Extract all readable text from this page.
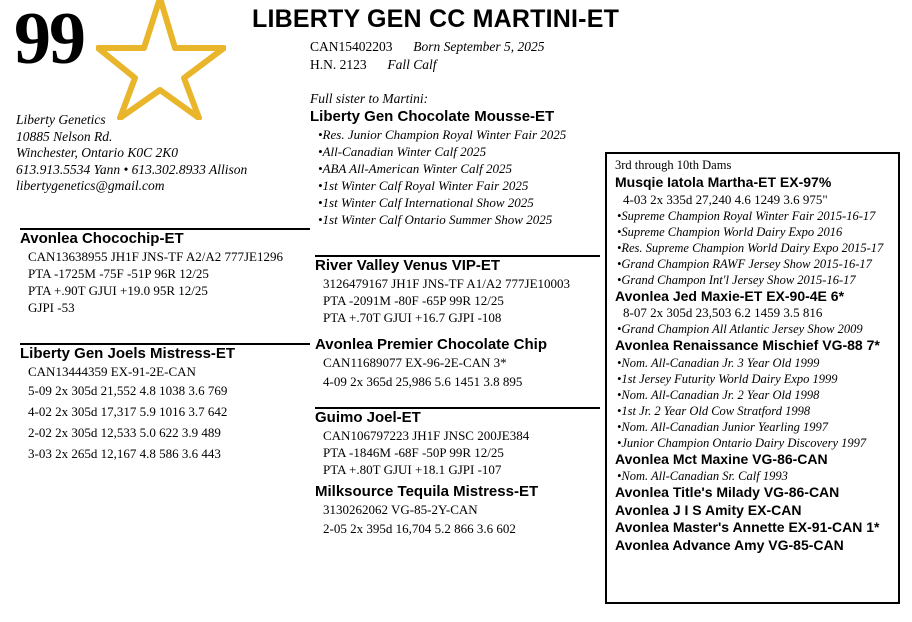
99
Liberty Genetics
10885 Nelson Rd.
Winchester, Ontario K0C 2K0
613.913.5534 Yann • 613.302.8933 Allison
libertygenetics@gmail.com
LIBERTY GEN CC MARTINI-ET
CAN15402203 Born September 5, 2025
H.N. 2123 Fall Calf
Full sister to Martini:
Liberty Gen Chocolate Mousse-ET
•Res. Junior Champion Royal Winter Fair 2025
•All-Canadian Winter Calf 2025
•ABA All-American Winter Calf 2025
•1st Winter Calf Royal Winter Fair 2025
•1st Winter Calf International Show 2025
•1st Winter Calf Ontario Summer Show 2025
Avonlea Chocochip-ET
CAN13638955 JH1F JNS-TF A2/A2 777JE1296
PTA -1725M -75F -51P 96R 12/25
PTA +.90T GJUI +19.0 95R 12/25
GJPI -53
Liberty Gen Joels Mistress-ET
CAN13444359 EX-91-2E-CAN
5-09 2x 305d 21,552 4.8 1038 3.6 769
4-02 2x 305d 17,317 5.9 1016 3.7 642
2-02 2x 305d 12,533 5.0 622 3.9 489
3-03 2x 265d 12,167 4.8 586 3.6 443
River Valley Venus VIP-ET
3126479167 JH1F JNS-TF A1/A2 777JE10003
PTA -2091M -80F -65P 99R 12/25
PTA +.70T GJUI +16.7 GJPI -108
Avonlea Premier Chocolate Chip
CAN11689077 EX-96-2E-CAN 3*
4-09 2x 365d 25,986 5.6 1451 3.8 895
Guimo Joel-ET
CAN106797223 JH1F JNSC 200JE384
PTA -1846M -68F -50P 99R 12/25
PTA +.80T GJUI +18.1 GJPI -107
Milksource Tequila Mistress-ET
3130262062 VG-85-2Y-CAN
2-05 2x 395d 16,704 5.2 866 3.6 602
3rd through 10th Dams
Musqie Iatola Martha-ET EX-97%
4-03 2x 335d 27,240 4.6 1249 3.6 975"
•Supreme Champion Royal Winter Fair 2015-16-17
•Supreme Champion World Dairy Expo 2016
•Res. Supreme Champion World Dairy Expo 2015-17
•Grand Champion RAWF Jersey Show 2015-16-17
•Grand Champon Int'l Jersey Show 2015-16-17
Avonlea Jed Maxie-ET EX-90-4E 6*
8-07 2x 305d 23,503 6.2 1459 3.5 816
•Grand Champion All Atlantic Jersey Show 2009
Avonlea Renaissance Mischief VG-88 7*
•Nom. All-Canadian Jr. 3 Year Old 1999
•1st Jersey Futurity World Dairy Expo 1999
•Nom. All-Canadian Jr. 2 Year Old 1998
•1st Jr. 2 Year Old Cow Stratford 1998
•Nom. All-Canadian Junior Yearling 1997
•Junior Champion Ontario Dairy Discovery 1997
Avonlea Mct Maxine VG-86-CAN
•Nom. All-Canadian Sr. Calf 1993
Avonlea Title's Milady VG-86-CAN
Avonlea J I S Amity EX-CAN
Avonlea Master's Annette EX-91-CAN 1*
Avonlea Advance Amy VG-85-CAN
